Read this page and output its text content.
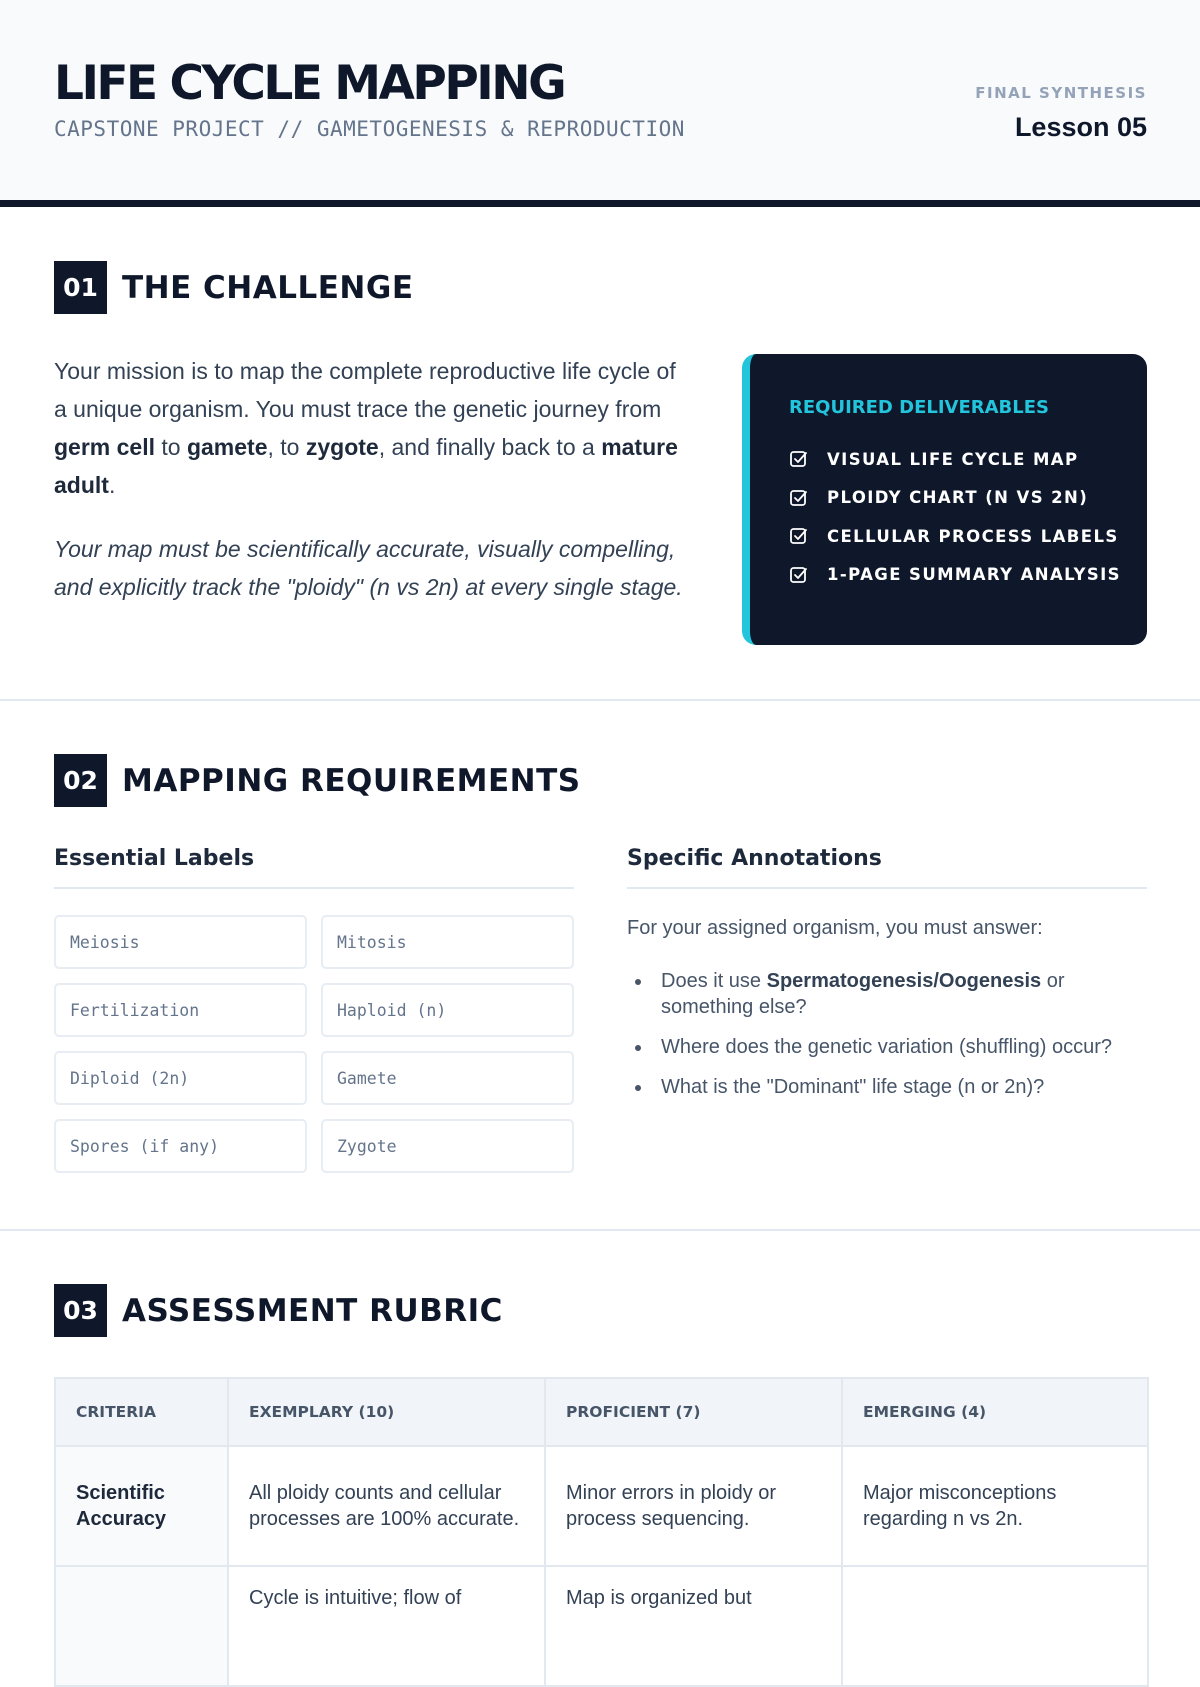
LIFE CYCLE MAPPING
CAPSTONE PROJECT // GAMETOGENESIS & REPRODUCTION
FINAL SYNTHESIS
Lesson 05
01 THE CHALLENGE

Your mission is to map the complete reproductive life cycle of a unique organism. You must trace the genetic journey from germ cell to gamete, to zygote, and finally back to a mature adult.

Your map must be scientifically accurate, visually compelling, and explicitly track the "ploidy" (n vs 2n) at every single stage.

REQUIRED DELIVERABLES
VISUAL LIFE CYCLE MAP
PLOIDY CHART (N VS 2N)
CELLULAR PROCESS LABELS
1-PAGE SUMMARY ANALYSIS
02 MAPPING REQUIREMENTS
Essential Labels
Meiosis	Mitosis
Fertilization	Haploid (n)
Diploid (2n)	Gamete
Spores (if any)	Zygote
Specific Annotations
For your assigned organism, you must answer:
Does it use Spermatogenesis/Oogenesis or something else?
Where does the genetic variation (shuffling) occur?
What is the "Dominant" life stage (n or 2n)?
03 ASSESSMENT RUBRIC
CRITERIA	EXEMPLARY (10)	PROFICIENT (7)	EMERGING (4)
Scientific Accuracy	All ploidy counts and cellular processes are 100% accurate.	Minor errors in ploidy or process sequencing.	Major misconceptions regarding n vs 2n.
	Cycle is intuitive; flow of	Map is organized but	
